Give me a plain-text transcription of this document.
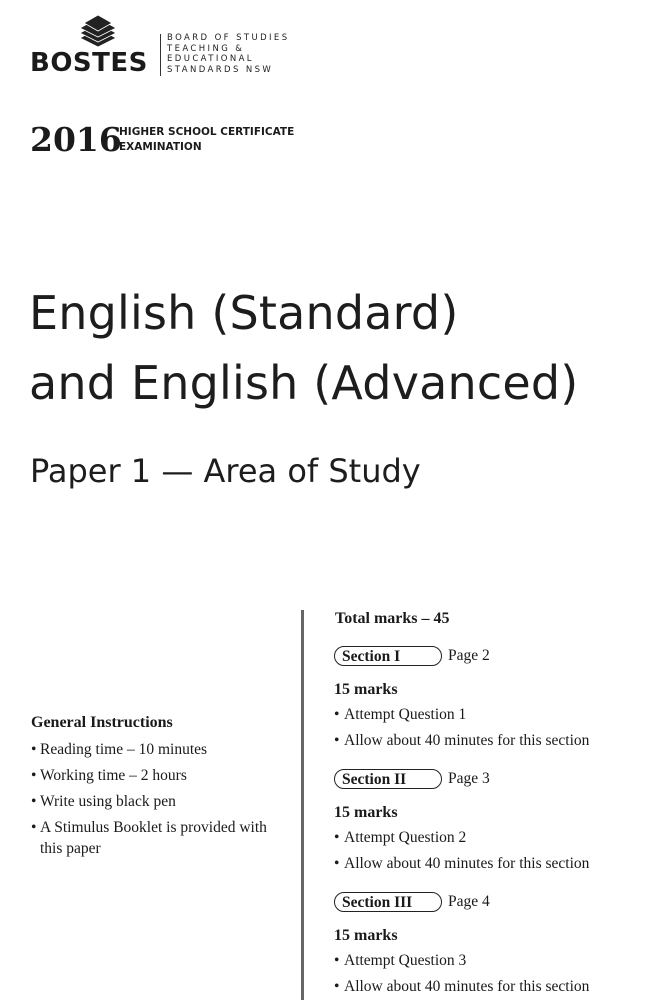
BOSTES
BOARD OF STUDIES
TEACHING &
EDUCATIONAL
STANDARDS NSW
2016
HIGHER SCHOOL CERTIFICATE
EXAMINATION
English (Standard)
and English (Advanced)
Paper 1 — Area of Study
General Instructions
• Reading time – 10 minutes
• Working time – 2 hours
• Write using black pen
• A Stimulus Booklet is provided with this paper
Total marks – 45
Section I	Page 2
15 marks
• Attempt Question 1
• Allow about 40 minutes for this section
Section II	Page 3
15 marks
• Attempt Question 2
• Allow about 40 minutes for this section
Section III	Page 4
15 marks
• Attempt Question 3
• Allow about 40 minutes for this section
